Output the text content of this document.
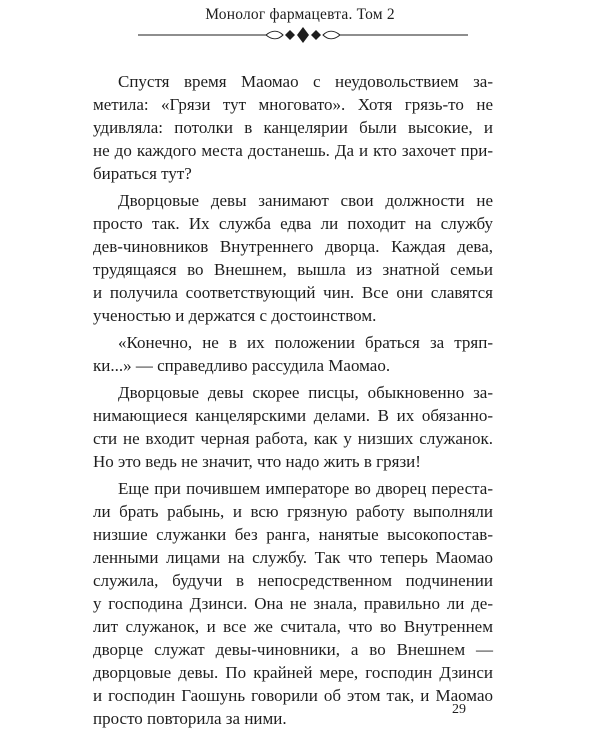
Монолог фармацевта. Том 2
Спустя время Маомао с неудовольствием за-
метила: «Грязи тут многовато». Хотя грязь-то не
удивляла: потолки в канцелярии были высокие, и
не до каждого места достанешь. Да и кто захочет при-
бираться тут?
Дворцовые девы занимают свои должности не
просто так. Их служба едва ли походит на службу
дев-чиновников Внутреннего дворца. Каждая дева,
трудящаяся во Внешнем, вышла из знатной семьи
и получила соответствующий чин. Все они славятся
ученостью и держатся с достоинством.
«Конечно, не в их положении браться за тряп-
ки...» — справедливо рассудила Маомао.
Дворцовые девы скорее писцы, обыкновенно за-
нимающиеся канцелярскими делами. В их обязанно-
сти не входит черная работа, как у низших служанок.
Но это ведь не значит, что надо жить в грязи!
Еще при почившем императоре во дворец переста-
ли брать рабынь, и всю грязную работу выполняли
низшие служанки без ранга, нанятые высокопостав-
ленными лицами на службу. Так что теперь Маомао
служила, будучи в непосредственном подчинении
у господина Дзинси. Она не знала, правильно ли де-
лит служанок, и все же считала, что во Внутреннем
дворце служат девы-чиновники, а во Внешнем —
дворцовые девы. По крайней мере, господин Дзинси
и господин Гаошунь говорили об этом так, и Маомао
просто повторила за ними.	29
